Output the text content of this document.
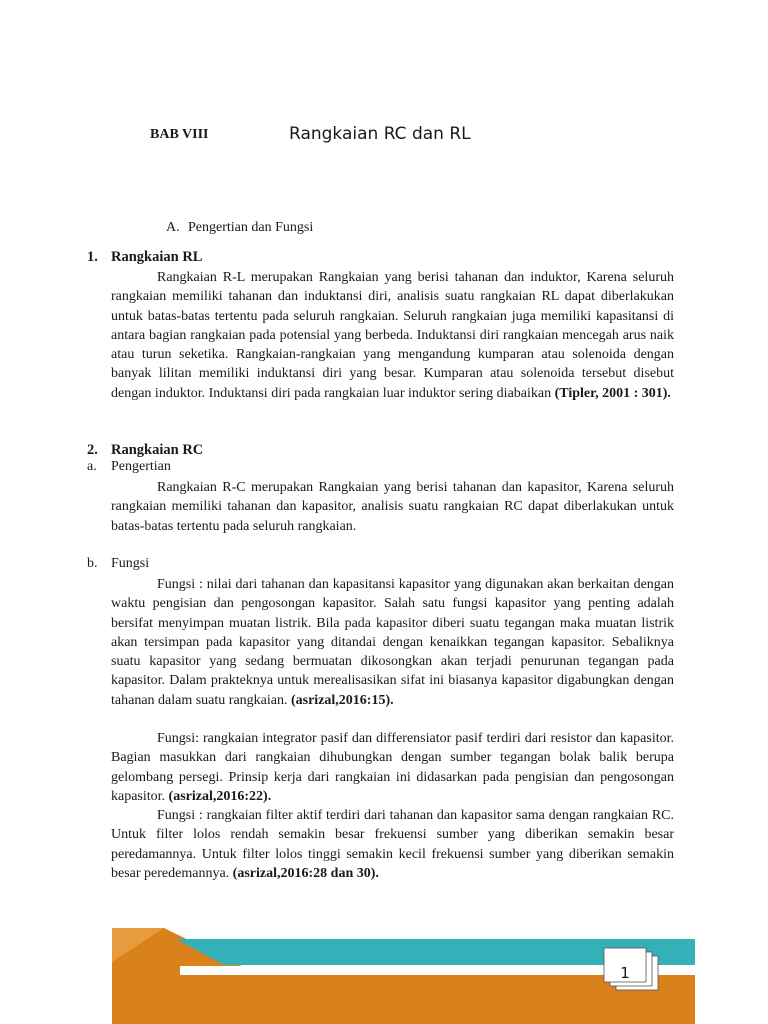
BAB VIII	Rangkaian RC dan RL
A. Pengertian dan Fungsi
1. Rangkaian RL
Rangkaian R-L merupakan Rangkaian yang berisi tahanan dan induktor, Karena seluruh rangkaian memiliki tahanan dan induktansi diri, analisis suatu rangkaian RL dapat diberlakukan untuk batas-batas tertentu pada seluruh rangkaian. Seluruh rangkaian juga memiliki kapasitansi di antara bagian rangkaian pada potensial yang berbeda. Induktansi diri rangkaian mencegah arus naik atau turun seketika. Rangkaian-rangkaian yang mengandung kumparan atau solenoida dengan banyak lilitan memiliki induktansi diri yang besar. Kumparan atau solenoida tersebut disebut dengan induktor. Induktansi diri pada rangkaian luar induktor sering diabaikan (Tipler, 2001 : 301).
2. Rangkaian RC
a. Pengertian
Rangkaian R-C merupakan Rangkaian yang berisi tahanan dan kapasitor, Karena seluruh rangkaian memiliki tahanan dan kapasitor, analisis suatu rangkaian RC dapat diberlakukan untuk batas-batas tertentu pada seluruh rangkaian.
b. Fungsi
Fungsi : nilai dari tahanan dan kapasitansi kapasitor yang digunakan akan berkaitan dengan waktu pengisian dan pengosongan kapasitor. Salah satu fungsi kapasitor yang penting adalah bersifat menyimpan muatan listrik. Bila pada kapasitor diberi suatu tegangan maka muatan listrik akan tersimpan pada kapasitor yang ditandai dengan kenaikkan tegangan kapasitor. Sebaliknya suatu kapasitor yang sedang bermuatan dikosongkan akan terjadi penurunan tegangan pada kapasitor. Dalam prakteknya untuk merealisasikan sifat ini biasanya kapasitor digabungkan dengan tahanan dalam suatu rangkaian. (asrizal,2016:15).
Fungsi: rangkaian integrator pasif dan differensiator pasif terdiri dari resistor dan kapasitor. Bagian masukkan dari rangkaian dihubungkan dengan sumber tegangan bolak balik berupa gelombang persegi. Prinsip kerja dari rangkaian ini didasarkan pada pengisian dan pengosongan kapasitor. (asrizal,2016:22).
Fungsi : rangkaian filter aktif terdiri dari tahanan dan kapasitor sama dengan rangkaian RC. Untuk filter lolos rendah semakin besar frekuensi sumber yang diberikan semakin besar peredamannya. Untuk filter lolos tinggi semakin kecil frekuensi sumber yang diberikan semakin besar peredemannya. (asrizal,2016:28 dan 30).
1
